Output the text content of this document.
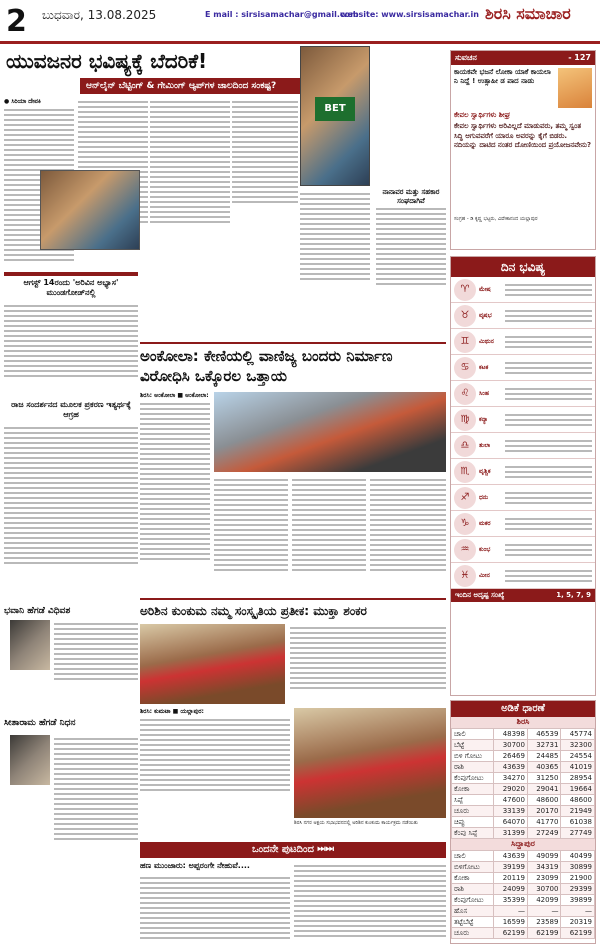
2 ಬುಧವಾರ, 13.08.2025	E mail : sirsisamachar@gmail.com
website: www.sirsisamachar.in ಶಿರಸಿ ಸಮಾಚಾರ
ಯುವಜನರ ಭವಿಷ್ಯಕ್ಕೆ ಬೆದರಿಕೆ!
ಆನ್‌ಲೈನ್ ಬೆಟ್ಟಿಂಗ್ & ಗೇಮಿಂಗ್ ಆ್ಯಪ್‌ಗಳ ಜಾಲದಿಂದ ಸಂಕಷ್ಟ?
● ಸಿರಿಯಾ ದೇವಕಿ
BET
ನಾನಾವರ ಮತ್ತು ಸಹಕಾರ ಸಂಘದಾಗಿವೆ
ಸುವಚನ	- 127
ಕಾಯಕವೇ ಭಜನೆ ಲೋಕಾ ಯಾಕೆ ಕಾಯಲಾ ನಿ ನಿದ್ದೆ ! ಉತ್ಸಾಹೀ ಡ ಪಾದ ನಾಡು
ಕೇವಲ ಸ್ವಾರ್ಥಿಗಳು ಶೀಘ್ರ
ಕೇವಲ ಸ್ವಾರ್ಥಿಗಳು ಅರಿವಿಲ್ಲದೆ ಮಾಡುವರು, ತಮ್ಮ ಸ್ವಂತ ಸಿದ್ಧಿ ಆಗುವವರೆಗೆ ಯಾರೂ ಅವರನ್ನು ಕೈಗೆ ಬಿಡರು. ನದಿಯನ್ನು ದಾಟಿದ ನಂತರ ದೋಣಿಯಿಂದ ಪ್ರಯೋಜನವೇನು?
ಸಂಗ್ರಹ - ಡಿ ಕೃಷ್ಣ ಭಟ್ಟರು, ವಿವೇಕಾನಂದ ಯಲ್ಲಾಪುರ
ದಿನ ಭವಿಷ್ಯ
♈	ಮೇಷ
♉	ವೃಷಭ
♊	ಮಿಥುನ
♋	ಕಟಕ
♌	ಸಿಂಹ
♍	ಕನ್ಯಾ
♎	ತುಲಾ
♏	ವೃಶ್ಚಿಕ
♐	ಧನು
♑	ಮಕರ
♒	ಕುಂಭ
♓	ಮೀನ
ಇಂದಿನ ಅದೃಷ್ಟ ಸಂಖ್ಯೆ	1, 5, 7, 9
ಅಡಿಕೆ ಧಾರಣೆ
ಶಿರಸಿ
ಚಾಲಿ	48398	46539	45774
ಬೆಟ್ಟೆ	30700	32731	32300
ಬಿಳಿ ಗೋಟು	26469	24485	24554
ರಾಶಿ	43639	40365	41019
ಕೆಂಪುಗೋಟು	34270	31250	28954
ಕೋಕಾ	29020	29041	19664
ಸಿಪ್ಪೆ	47600	48600	48600
ಚೂರು	33139	20170	21949
ಚಿಪ್ಪು	64070	41770	61038
ಕೆಂಪು ಸಿಪ್ಪೆ	31399	27249	27749
ಸಿದ್ದಾಪುರ
ಚಾಲಿ	43639	49099	40499
ಬಿಳಿಗೋಟು	39199	34319	30899
ಕೋಕಾ	20119	23099	21900
ರಾಶಿ	24099	30700	29399
ಕೆಂಪುಗೋಟು	35399	42099	39899
ಹೊಸ	—	—	—
ತಟ್ಟೆಬೆಟ್ಟೆ	16599	23589	20319
ಚೂರು	62199	62199	62199
ಆಗಸ್ಟ್ 14ರಂದು 'ಅರಿವಿನ ಅಭ್ಯಾಸ' ಮುಂಡಗೋಡ್‌ನಲ್ಲಿ
ರಾಜ ಸಂದರ್ಶನದ ಮೂಲಕ ಪ್ರಕರಣ ಇತ್ಯರ್ಥಕ್ಕೆ ಆಗ್ರಹ
ಭವಾನಿ ಹೆಗಡೆ ವಿಧಿವಶ
ಸೀತಾರಾಮ ಹೆಗಡೆ ನಿಧನ
ಅಂಕೋಲಾ: ಕೇಣಿಯಲ್ಲಿ ವಾಣಿಜ್ಯ ಬಂದರು ನಿರ್ಮಾಣ ವಿರೋಧಿಸಿ ಒಕ್ಕೊರಲ ಒತ್ತಾಯ
ಶಿರಸಿ: ಅಂಕೋಲಾ ■ ಅಂಕೋಲಾ:
ಅರಿಶಿನ ಕುಂಕುಮ ನಮ್ಮ ಸಂಸ್ಕೃತಿಯ ಪ್ರತೀಕ: ಮುಕ್ತಾ ಶಂಕರ
ಶಿರಸಿ: ಕುಮಟಾ ■ ಯಲ್ಲಾಪುರ:
ಶಿರಸಿ ನಗರ ಅಕ್ಷಯ ಸಭಾಭವನದಲ್ಲಿ ಅರಿಶಿನ ಕುಂಕುಮ ಕಾರ್ಯಕ್ರಮ ನಡೆಯಿತು
ಒಂದನೇ ಪುಟದಿಂದ ⏭⏭
ಹಣ ಮುಂಜಾರು: ಅಪ್ಪರಂಗೇ ನೇಹುವೆ....
